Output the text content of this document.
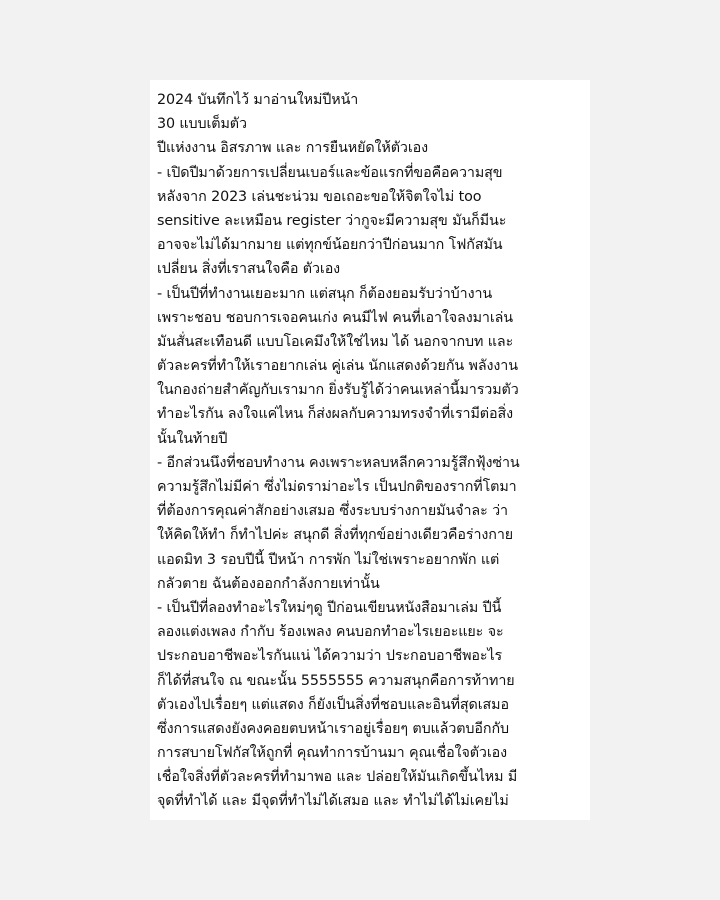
2024 บันทึกไว้ มาอ่านใหม่ปีหน้า
30 แบบเต็มตัว
ปีแห่งงาน อิสรภาพ และ การยืนหยัดให้ตัวเอง
- เปิดปีมาด้วยการเปลี่ยนเบอร์และข้อแรกที่ขอคือความสุข
หลังจาก 2023 เล่นชะน่วม ขอเถอะขอให้จิตใจไม่ too
sensitive ละเหมือน register ว่ากูจะมีความสุข มันก็มีนะ
อาจจะไม่ได้มากมาย แต่ทุกข์น้อยกว่าปีก่อนมาก โฟกัสมัน
เปลี่ยน สิ่งที่เราสนใจคือ ตัวเอง
- เป็นปีที่ทำงานเยอะมาก แต่สนุก ก็ต้องยอมรับว่าบ้างาน
เพราะชอบ ชอบการเจอคนเก่ง คนมีไฟ คนที่เอาใจลงมาเล่น
มันสั่นสะเทือนดี แบบโอเคมึงให้ใช่ไหม ได้ นอกจากบท และ
ตัวละครที่ทำให้เราอยากเล่น คู่เล่น นักแสดงด้วยกัน พลังงาน
ในกองถ่ายสำคัญกับเรามาก ยิ่งรับรู้ได้ว่าคนเหล่านี้มารวมตัว
ทำอะไรกัน ลงใจแค่ไหน ก็ส่งผลกับความทรงจำที่เรามีต่อสิ่ง
นั้นในท้ายปี
- อีกส่วนนึงที่ชอบทำงาน คงเพราะหลบหลีกความรู้สึกฟุ้งซ่าน
ความรู้สึกไม่มีค่า ซึ่งไม่ดราม่าอะไร เป็นปกติของรากที่โตมา
ที่ต้องการคุณค่าสักอย่างเสมอ ซึ่งระบบร่างกายมันจำละ ว่า
ให้คิดให้ทำ ก็ทำไปค่ะ สนุกดี สิ่งที่ทุกข์อย่างเดียวคือร่างกาย
แอดมิท 3 รอบปีนี้ ปีหน้า การพัก ไม่ใช่เพราะอยากพัก แต่
กลัวตาย ฉันต้องออกกำลังกายเท่านั้น
- เป็นปีที่ลองทำอะไรใหม่ๆดู ปีก่อนเขียนหนังสือมาเล่ม ปีนี้
ลองแต่งเพลง กำกับ ร้องเพลง คนบอกทำอะไรเยอะแยะ จะ
ประกอบอาชีพอะไรกันแน่ ได้ความว่า ประกอบอาชีพอะไร
ก็ได้ที่สนใจ ณ ขณะนั้น 5555555 ความสนุกคือการท้าทาย
ตัวเองไปเรื่อยๆ แต่แสดง ก็ยังเป็นสิ่งที่ชอบและอินที่สุดเสมอ
ซึ่งการแสดงยังคงคอยตบหน้าเราอยู่เรื่อยๆ ตบแล้วตบอีกกับ
การสบายโฟกัสให้ถูกที่ คุณทำการบ้านมา คุณเชื่อใจตัวเอง
เชื่อใจสิ่งที่ตัวละครที่ทำมาพอ และ ปล่อยให้มันเกิดขึ้นไหม มี
จุดที่ทำได้ และ มีจุดที่ทำไม่ได้เสมอ และ ทำไม่ได้ไม่เคยไม่
